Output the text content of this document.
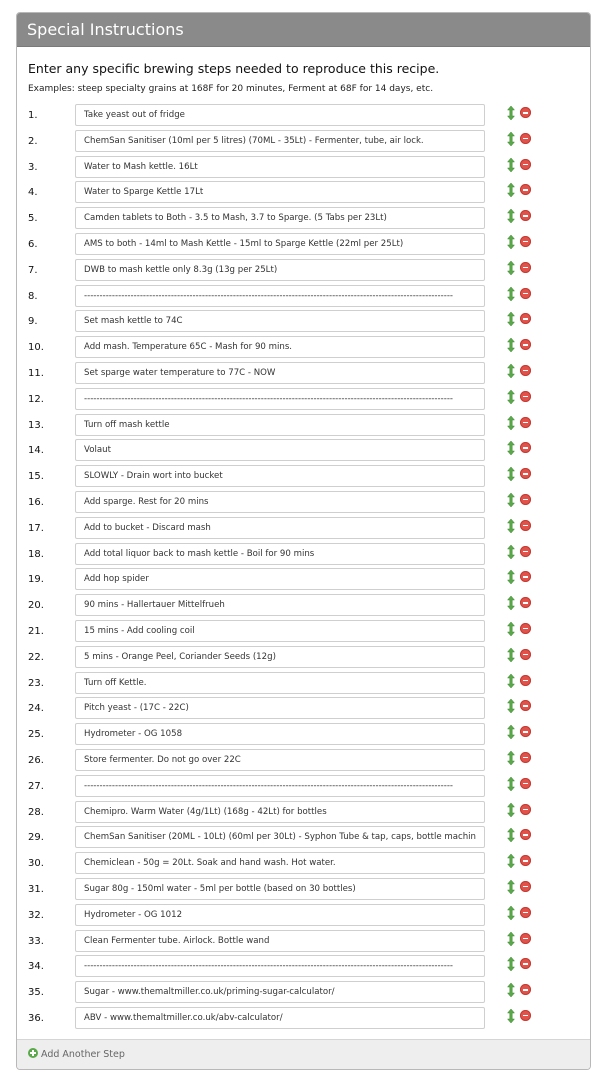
Special Instructions
Enter any specific brewing steps needed to reproduce this recipe.
Examples: steep specialty grains at 168F for 20 minutes, Ferment at 68F for 14 days, etc.
1.
Take yeast out of fridge
2.
ChemSan Sanitiser (10ml per 5 litres) (70ML - 35Lt) - Fermenter, tube, air lock.
3.
Water to Mash kettle. 16Lt
4.
Water to Sparge Kettle 17Lt
5.
Camden tablets to Both - 3.5 to Mash, 3.7 to Sparge. (5 Tabs per 23Lt)
6.
AMS to both - 14ml to Mash Kettle - 15ml to Sparge Kettle (22ml per 25Lt)
7.
DWB to mash kettle only 8.3g (13g per 25Lt)
8.
-----------------------------------------------------------------------------------------------------------------------
9.
Set mash kettle to 74C
10.
Add mash. Temperature 65C - Mash for 90 mins.
11.
Set sparge water temperature to 77C - NOW
12.
-----------------------------------------------------------------------------------------------------------------------
13.
Turn off mash kettle
14.
Volaut
15.
SLOWLY - Drain wort into bucket
16.
Add sparge. Rest for 20 mins
17.
Add to bucket - Discard mash
18.
Add total liquor back to mash kettle - Boil for 90 mins
19.
Add hop spider
20.
90 mins - Hallertauer Mittelfrueh
21.
15 mins - Add cooling coil
22.
5 mins - Orange Peel, Coriander Seeds (12g)
23.
Turn off Kettle.
24.
Pitch yeast - (17C - 22C)
25.
Hydrometer - OG 1058
26.
Store fermenter. Do not go over 22C
27.
-----------------------------------------------------------------------------------------------------------------------
28.
Chemipro. Warm Water (4g/1Lt) (168g - 42Lt) for bottles
29.
ChemSan Sanitiser (20ML - 10Lt) (60ml per 30Lt) - Syphon Tube & tap, caps, bottle machine.
30.
Chemiclean - 50g = 20Lt. Soak and hand wash. Hot water.
31.
Sugar 80g - 150ml water - 5ml per bottle (based on 30 bottles)
32.
Hydrometer - OG 1012
33.
Clean Fermenter tube. Airlock. Bottle wand
34.
-----------------------------------------------------------------------------------------------------------------------
35.
Sugar - www.themaltmiller.co.uk/priming-sugar-calculator/
36.
ABV - www.themaltmiller.co.uk/abv-calculator/
Add Another Step
